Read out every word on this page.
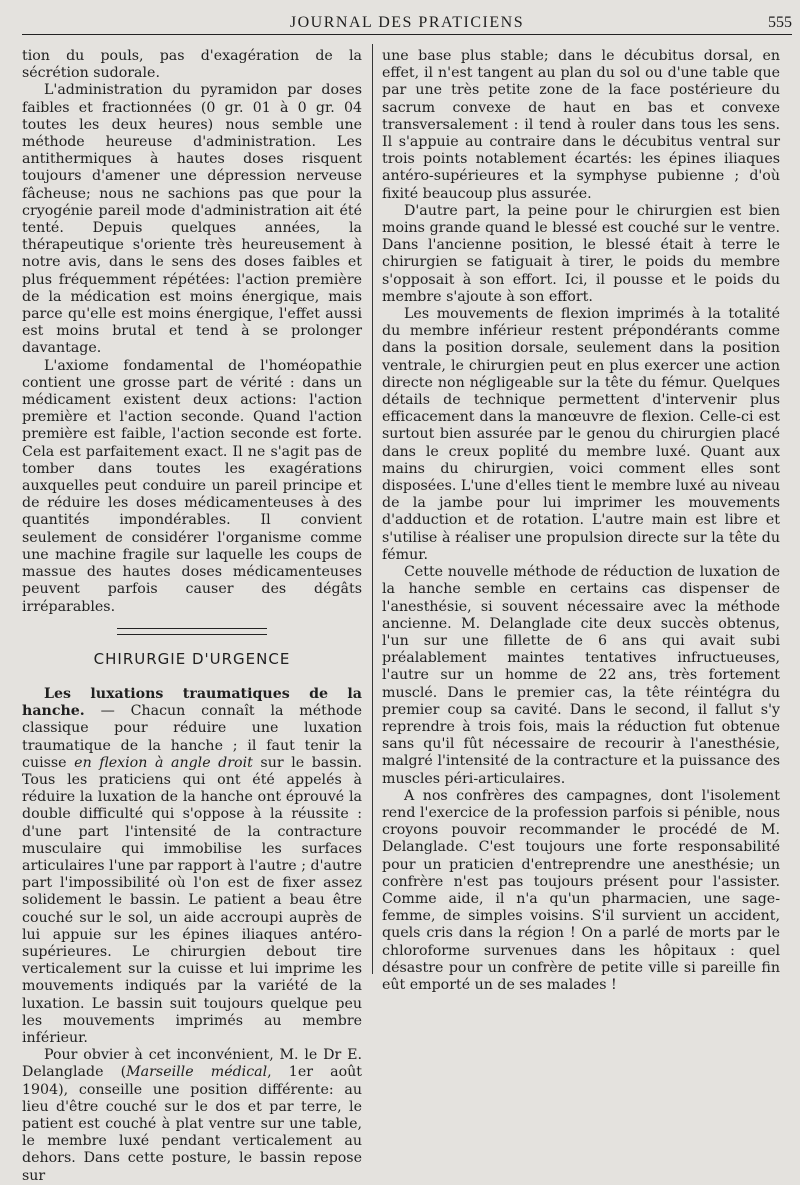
JOURNAL DES PRATICIENS	555

tion du pouls, pas d'exagération de la sécrétion sudorale.

L'administration du pyramidon par doses faibles et fractionnées (0 gr. 01 à 0 gr. 04 toutes les deux heures) nous semble une méthode heureuse d'administration. Les antithermiques à hautes doses risquent toujours d'amener une dépression nerveuse fâcheuse; nous ne sachions pas que pour la cryogénie pareil mode d'administration ait été tenté. Depuis quelques années, la thérapeutique s'oriente très heureusement à notre avis, dans le sens des doses faibles et plus fréquemment répétées: l'action première de la médication est moins énergique, mais parce qu'elle est moins énergique, l'effet aussi est moins brutal et tend à se prolonger davantage.

L'axiome fondamental de l'homéopathie contient une grosse part de vérité : dans un médicament existent deux actions: l'action première et l'action seconde. Quand l'action première est faible, l'action seconde est forte. Cela est parfaitement exact. Il ne s'agit pas de tomber dans toutes les exagérations auxquelles peut conduire un pareil principe et de réduire les doses médicamenteuses à des quantités impondérables. Il convient seulement de considérer l'organisme comme une machine fragile sur laquelle les coups de massue des hautes doses médicamenteuses peuvent parfois causer des dégâts irréparables.

CHIRURGIE D'URGENCE

Les luxations traumatiques de la hanche. — Chacun connaît la méthode classique pour réduire une luxation traumatique de la hanche ; il faut tenir la cuisse en flexion à angle droit sur le bassin. Tous les praticiens qui ont été appelés à réduire la luxation de la hanche ont éprouvé la double difficulté qui s'oppose à la réussite : d'une part l'intensité de la contracture musculaire qui immobilise les surfaces articulaires l'une par rapport à l'autre ; d'autre part l'impossibilité où l'on est de fixer assez solidement le bassin. Le patient a beau être couché sur le sol, un aide accroupi auprès de lui appuie sur les épines iliaques antéro-supérieures. Le chirurgien debout tire verticalement sur la cuisse et lui imprime les mouvements indiqués par la variété de la luxation. Le bassin suit toujours quelque peu les mouvements imprimés au membre inférieur.

Pour obvier à cet inconvénient, M. le Dr E. Delanglade (Marseille médical, 1er août 1904), conseille une position différente: au lieu d'être couché sur le dos et par terre, le patient est couché à plat ventre sur une table, le membre luxé pendant verticalement au dehors. Dans cette posture, le bassin repose sur

une base plus stable; dans le décubitus dorsal, en effet, il n'est tangent au plan du sol ou d'une table que par une très petite zone de la face postérieure du sacrum convexe de haut en bas et convexe transversalement : il tend à rouler dans tous les sens. Il s'appuie au contraire dans le décubitus ventral sur trois points notablement écartés: les épines iliaques antéro-supérieures et la symphyse pubienne ; d'où fixité beaucoup plus assurée.

D'autre part, la peine pour le chirurgien est bien moins grande quand le blessé est couché sur le ventre. Dans l'ancienne position, le blessé était à terre le chirurgien se fatiguait à tirer, le poids du membre s'opposait à son effort. Ici, il pousse et le poids du membre s'ajoute à son effort.

Les mouvements de flexion imprimés à la totalité du membre inférieur restent prépondérants comme dans la position dorsale, seulement dans la position ventrale, le chirurgien peut en plus exercer une action directe non négligeable sur la tête du fémur. Quelques détails de technique permettent d'intervenir plus efficacement dans la manœuvre de flexion. Celle-ci est surtout bien assurée par le genou du chirurgien placé dans le creux poplité du membre luxé. Quant aux mains du chirurgien, voici comment elles sont disposées. L'une d'elles tient le membre luxé au niveau de la jambe pour lui imprimer les mouvements d'adduction et de rotation. L'autre main est libre et s'utilise à réaliser une propulsion directe sur la tête du fémur.

Cette nouvelle méthode de réduction de luxation de la hanche semble en certains cas dispenser de l'anesthésie, si souvent nécessaire avec la méthode ancienne. M. Delanglade cite deux succès obtenus, l'un sur une fillette de 6 ans qui avait subi préalablement maintes tentatives infructueuses, l'autre sur un homme de 22 ans, très fortement musclé. Dans le premier cas, la tête réintégra du premier coup sa cavité. Dans le second, il fallut s'y reprendre à trois fois, mais la réduction fut obtenue sans qu'il fût nécessaire de recourir à l'anesthésie, malgré l'intensité de la contracture et la puissance des muscles péri-articulaires.

A nos confrères des campagnes, dont l'isolement rend l'exercice de la profession parfois si pénible, nous croyons pouvoir recommander le procédé de M. Delanglade. C'est toujours une forte responsabilité pour un praticien d'entreprendre une anesthésie; un confrère n'est pas toujours présent pour l'assister. Comme aide, il n'a qu'un pharmacien, une sage-femme, de simples voisins. S'il survient un accident, quels cris dans la région ! On a parlé de morts par le chloroforme survenues dans les hôpitaux : quel désastre pour un confrère de petite ville si pareille fin eût emporté un de ses malades !
